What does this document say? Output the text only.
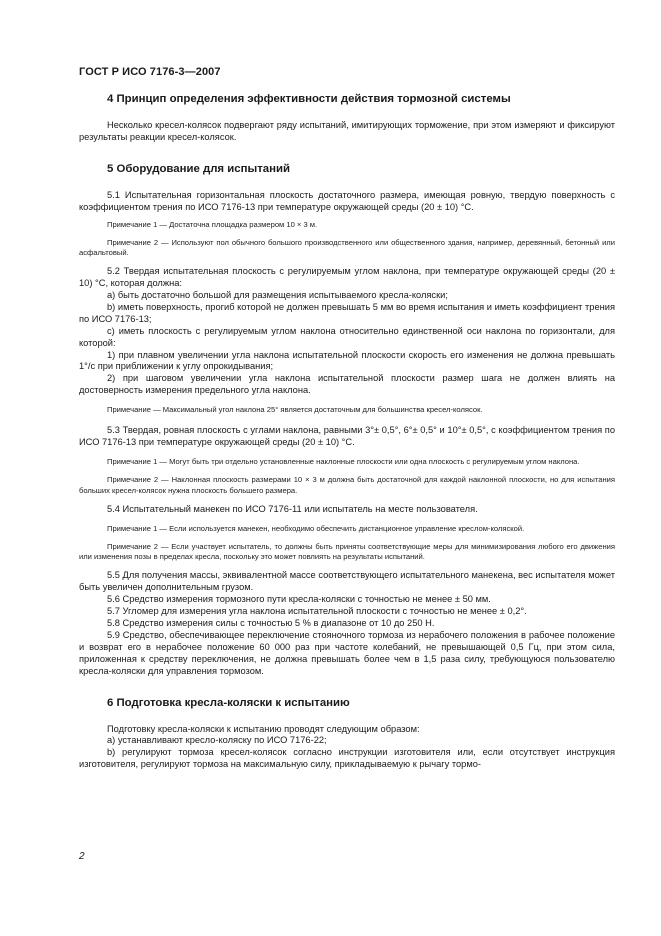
ГОСТ Р ИСО 7176-3—2007
4 Принцип определения эффективности действия тормозной системы

Несколько кресел-колясок подвергают ряду испытаний, имитирующих торможение, при этом измеряют и фиксируют результаты реакции кресел-колясок.

5 Оборудование для испытаний

5.1 Испытательная горизонтальная плоскость достаточного размера, имеющая ровную, твердую поверхность с коэффициентом трения по ИСО 7176-13 при температуре окружающей среды (20 ± 10) °С.

Примечание 1 — Достаточна площадка размером 10 × 3 м.

Примечание 2 — Используют пол обычного большого производственного или общественного здания, например, деревянный, бетонный или асфальтовый.

5.2 Твердая испытательная плоскость с регулируемым углом наклона, при температуре окружающей среды (20 ± 10) °С, которая должна:

а) быть достаточно большой для размещения испытываемого кресла-коляски;

b) иметь поверхность, прогиб которой не должен превышать 5 мм во время испытания и иметь коэффициент трения по ИСО 7176-13;

с) иметь плоскость с регулируемым углом наклона относительно единственной оси наклона по горизонтали, для которой:

1) при плавном увеличении угла наклона испытательной плоскости скорость его изменения не должна превышать 1°/с при приближении к углу опрокидывания;

2) при шаговом увеличении угла наклона испытательной плоскости размер шага не должен влиять на достоверность измерения предельного угла наклона.

Примечание — Максимальный угол наклона 25° является достаточным для большинства кресел-колясок.

5.3 Твердая, ровная плоскость с углами наклона, равными 3°± 0,5°, 6°± 0,5° и 10°± 0,5°, с коэффициентом трения по ИСО 7176-13 при температуре окружающей среды (20 ± 10) °С.

Примечание 1 — Могут быть три отдельно установленные наклонные плоскости или одна плоскость с регулируемым углом наклона.

Примечание 2 — Наклонная плоскость размерами 10 × 3 м должна быть достаточной для каждой наклонной плоскости, но для испытания больших кресел-колясок нужна плоскость большего размера.

5.4 Испытательный манекен по ИСО 7176-11 или испытатель на месте пользователя.

Примечание 1 — Если используется манекен, необходимо обеспечить дистанционное управление креслом-коляской.

Примечание 2 — Если участвует испытатель, то должны быть приняты соответствующие меры для минимизирования любого его движения или изменения позы в пределах кресла, поскольку это может повлиять на результаты испытаний.

5.5 Для получения массы, эквивалентной массе соответствующего испытательного манекена, вес испытателя может быть увеличен дополнительным грузом.

5.6 Средство измерения тормозного пути кресла-коляски с точностью не менее ± 50 мм.

5.7 Угломер для измерения угла наклона испытательной плоскости с точностью не менее ± 0,2°.

5.8 Средство измерения силы с точностью 5 % в диапазоне от 10 до 250 Н.

5.9 Средство, обеспечивающее переключение стояночного тормоза из нерабочего положения в рабочее положение и возврат его в нерабочее положение 60 000 раз при частоте колебаний, не превышающей 0,5 Гц, при этом сила, приложенная к средству переключения, не должна превышать более чем в 1,5 раза силу, требующуюся пользователю кресла-коляски для управления тормозом.

6 Подготовка кресла-коляски к испытанию

Подготовку кресла-коляски к испытанию проводят следующим образом:

а) устанавливают кресло-коляску по ИСО 7176-22;

b) регулируют тормоза кресел-колясок согласно инструкции изготовителя или, если отсутствует инструкция изготовителя, регулируют тормоза на максимальную силу, прикладываемую к рычагу тормо-

2
